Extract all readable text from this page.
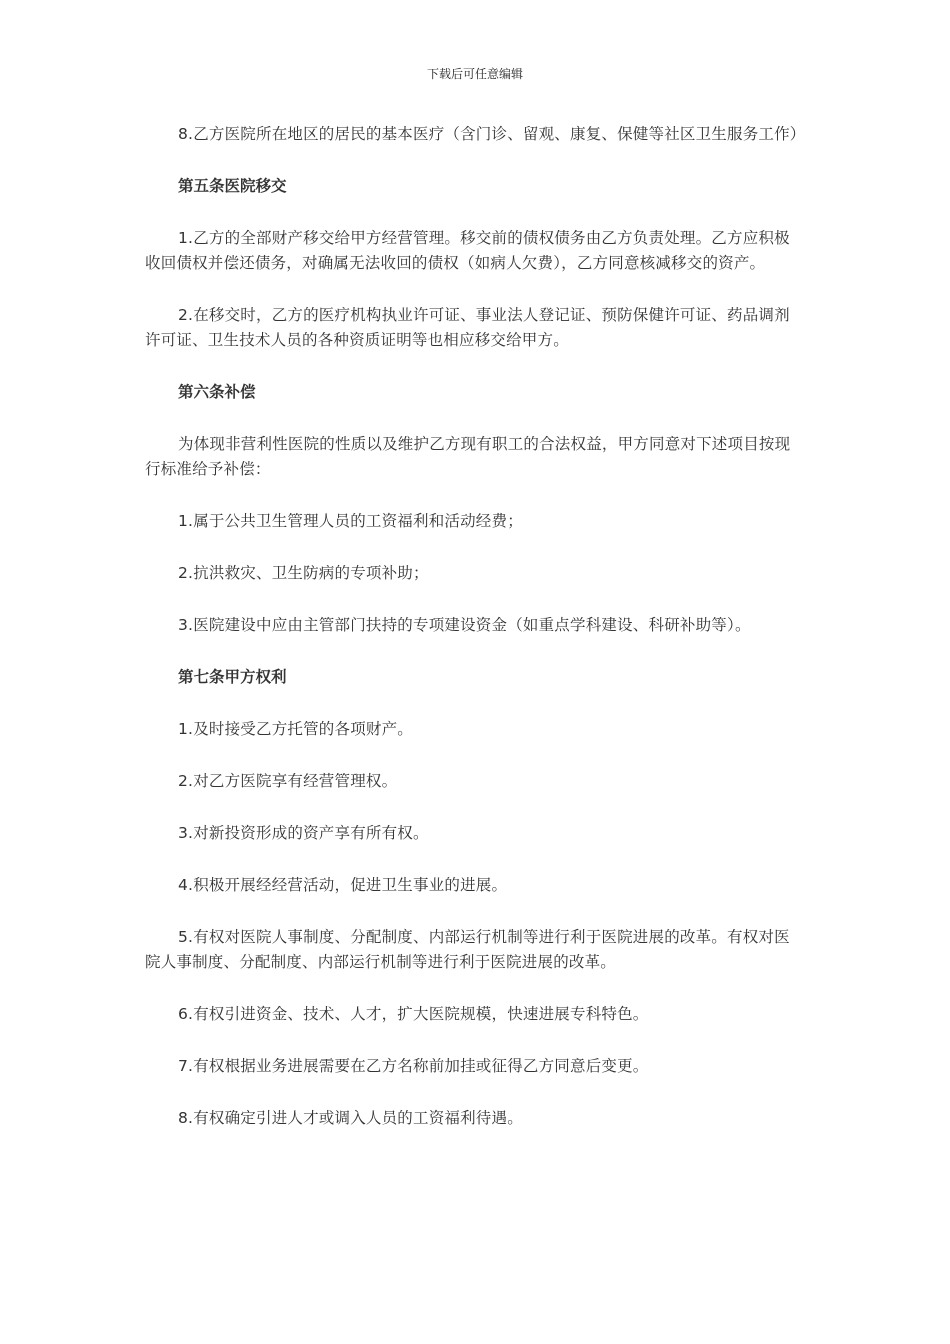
下载后可任意编辑

8.乙方医院所在地区的居民的基本医疗（含门诊、留观、康复、保健等社区卫生服务工作）

第五条医院移交

1.乙方的全部财产移交给甲方经营管理。移交前的债权债务由乙方负责处理。乙方应积极收回债权并偿还债务，对确属无法收回的债权（如病人欠费），乙方同意核减移交的资产。

2.在移交时，乙方的医疗机构执业许可证、事业法人登记证、预防保健许可证、药品调剂许可证、卫生技术人员的各种资质证明等也相应移交给甲方。

第六条补偿

为体现非营利性医院的性质以及维护乙方现有职工的合法权益，甲方同意对下述项目按现行标准给予补偿：

1.属于公共卫生管理人员的工资福利和活动经费；

2.抗洪救灾、卫生防病的专项补助；

3.医院建设中应由主管部门扶持的专项建设资金（如重点学科建设、科研补助等）。

第七条甲方权利

1.及时接受乙方托管的各项财产。

2.对乙方医院享有经营管理权。

3.对新投资形成的资产享有所有权。

4.积极开展经经营活动，促进卫生事业的进展。

5.有权对医院人事制度、分配制度、内部运行机制等进行利于医院进展的改革。有权对医院人事制度、分配制度、内部运行机制等进行利于医院进展的改革。

6.有权引进资金、技术、人才，扩大医院规模，快速进展专科特色。

7.有权根据业务进展需要在乙方名称前加挂或征得乙方同意后变更。

8.有权确定引进人才或调入人员的工资福利待遇。
